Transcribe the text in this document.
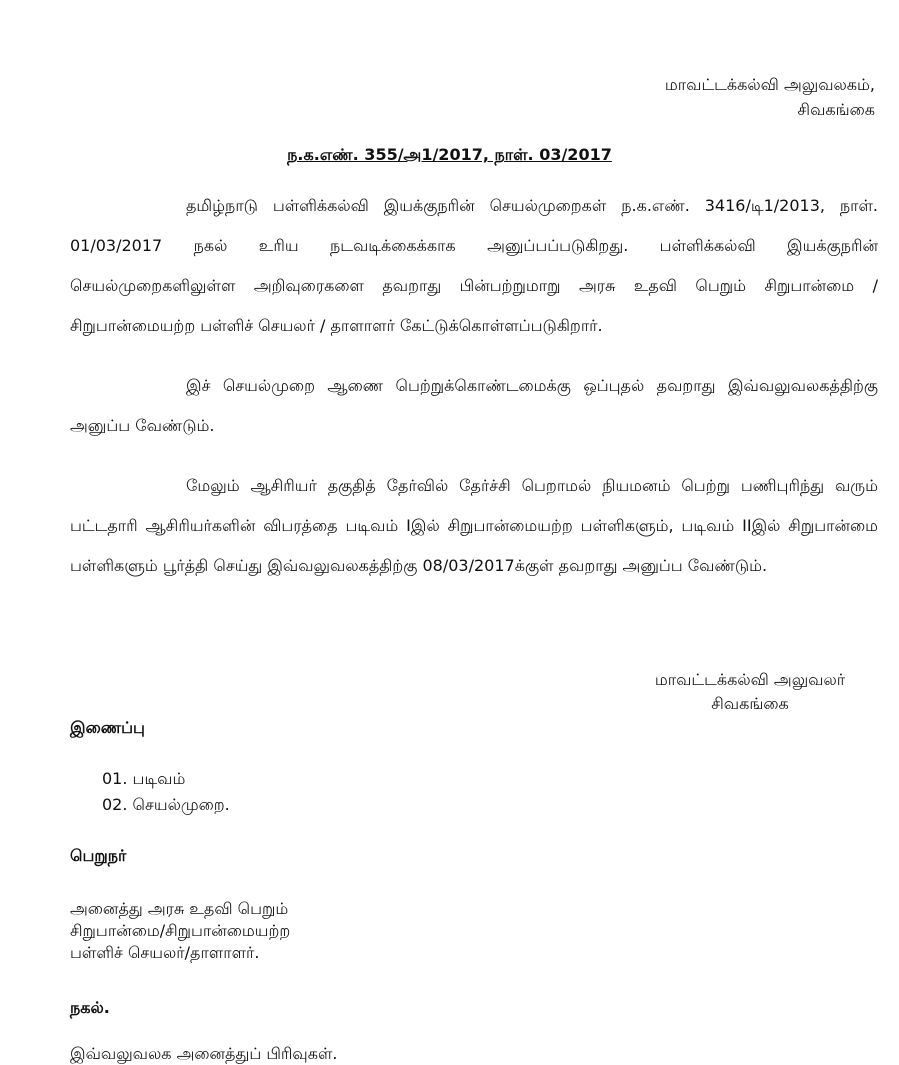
மாவட்டக்கல்வி அலுவலகம்,
சிவகங்கை
ந.க.எண். 355/அ1/2017, நாள். 03/2017
தமிழ்நாடு பள்ளிக்கல்வி இயக்குநரின் செயல்முறைகள் ந.க.எண். 3416/டி1/2013, நாள். 01/03/2017 நகல் உரிய நடவடிக்கைக்காக அனுப்பப்படுகிறது. பள்ளிக்கல்வி இயக்குநரின் செயல்முறைகளிலுள்ள அறிவுரைகளை தவறாது பின்பற்றுமாறு அரசு உதவி பெறும் சிறுபான்மை / சிறுபான்மையற்ற பள்ளிச் செயலர் / தாளாளர் கேட்டுக்கொள்ளப்படுகிறார்.
இச் செயல்முறை ஆணை பெற்றுக்கொண்டமைக்கு ஒப்புதல் தவறாது இவ்வலுவலகத்திற்கு அனுப்ப வேண்டும்.
மேலும் ஆசிரியர் தகுதித் தேர்வில் தேர்ச்சி பெறாமல் நியமனம் பெற்று பணிபுரிந்து வரும் பட்டதாரி ஆசிரியர்களின் விபரத்தை படிவம் Iஇல் சிறுபான்மையற்ற பள்ளிகளும், படிவம் IIஇல் சிறுபான்மை பள்ளிகளும் பூர்த்தி செய்து இவ்வலுவலகத்திற்கு 08/03/2017க்குள் தவறாது அனுப்ப வேண்டும்.
மாவட்டக்கல்வி அலுவலர்
சிவகங்கை
இணைப்பு
01. படிவம்
02. செயல்முறை.
பெறுநர்
அனைத்து அரசு உதவி பெறும்
சிறுபான்மை/சிறுபான்மையற்ற
பள்ளிச் செயலர்/தாளாளர்.
நகல்.
இவ்வலுவலக அனைத்துப் பிரிவுகள்.
